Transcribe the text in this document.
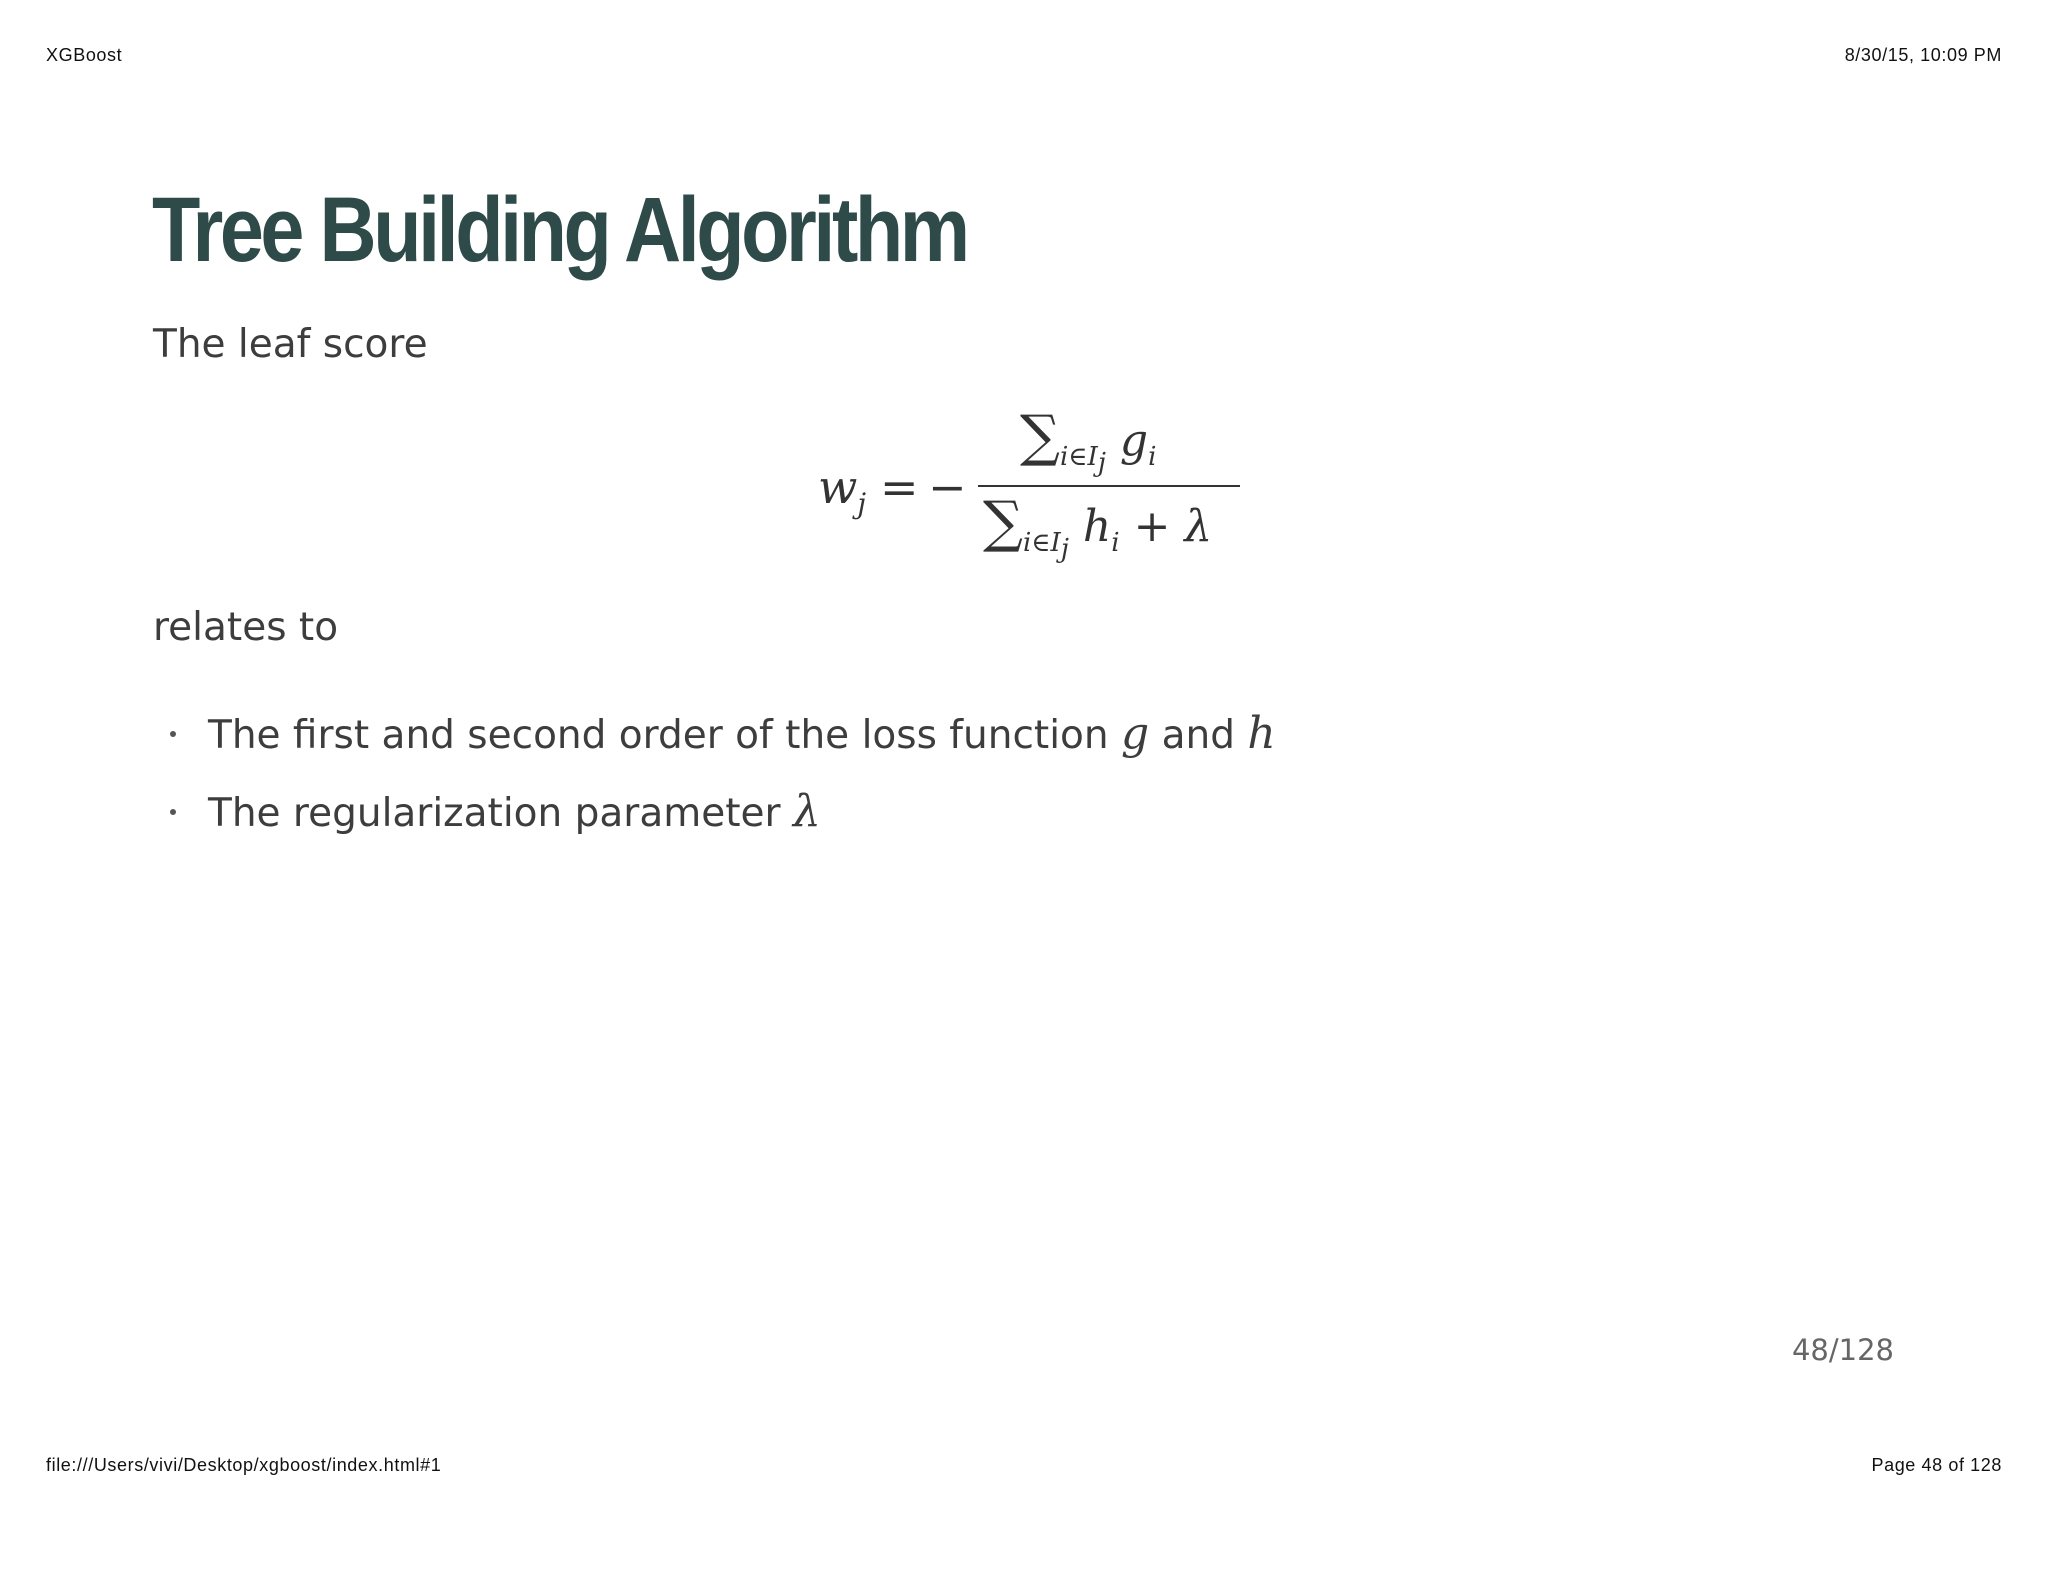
XGBoost	8/30/15, 10:09 PM
Tree Building Algorithm
The leaf score
$w_j$ = −
$\sum_{i\in I_j}$ $g_i$
$\sum_{i\in I_j}$ $h_i + \lambda$
relates to
The first and second order of the loss function g and h
The regularization parameter λ
48/128
file:///Users/vivi/Desktop/xgboost/index.html#1	Page 48 of 128
